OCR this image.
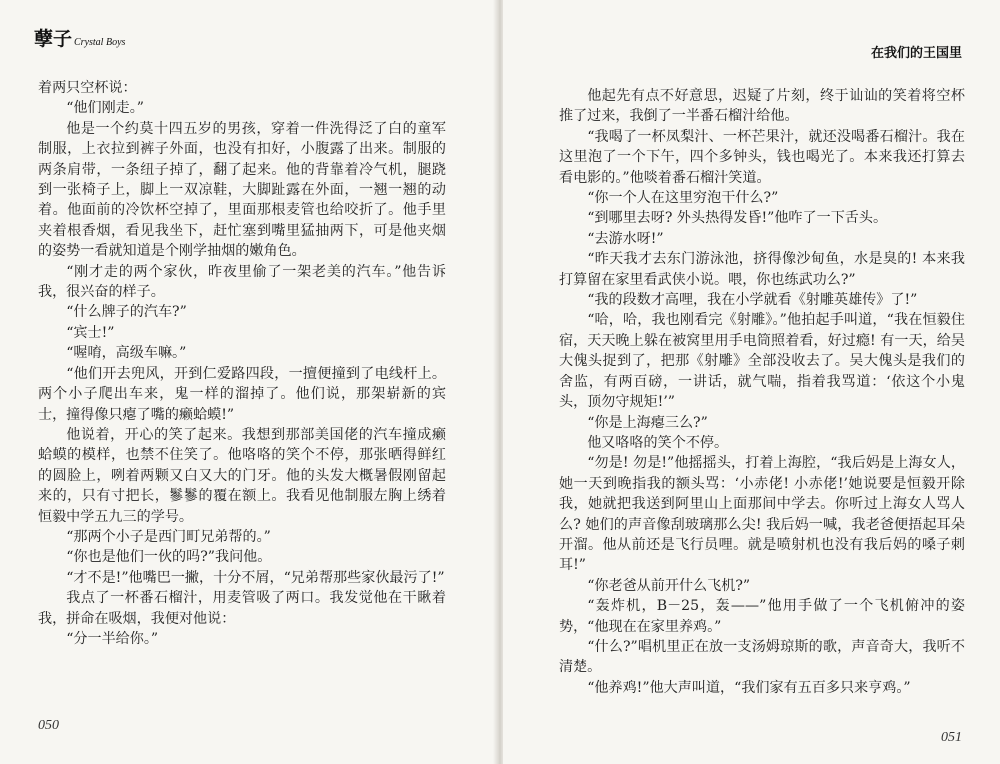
孽子 Crystal Boys

着两只空杯说：

“他们刚走。”

他是一个约莫十四五岁的男孩，穿着一件洗得泛了白的童军制服，上衣拉到裤子外面，也没有扣好，小腹露了出来。制服的两条肩带，一条纽子掉了，翻了起来。他的背靠着冷气机，腿跷到一张椅子上，脚上一双凉鞋，大脚趾露在外面，一翘一翘的动着。他面前的冷饮杯空掉了，里面那根麦管也给咬折了。他手里夹着根香烟，看见我坐下，赶忙塞到嘴里猛抽两下，可是他夹烟的姿势一看就知道是个刚学抽烟的嫩角色。

“刚才走的两个家伙，昨夜里偷了一架老美的汽车。”他告诉我，很兴奋的样子。

“什么牌子的汽车?”

“宾士!”

“喔唷，高级车嘛。”

“他们开去兜风，开到仁爱路四段，一擅便撞到了电线杆上。两个小子爬出车来，鬼一样的溜掉了。他们说，那架崭新的宾士，撞得像只瘪了嘴的癞蛤蟆!”

他说着，开心的笑了起来。我想到那部美国佬的汽车撞成癞蛤蟆的模样，也禁不住笑了。他咯咯的笑个不停，那张晒得鲜红的圆脸上，咧着两颗又白又大的门牙。他的头发大概暑假刚留起来的，只有寸把长，鬖鬖的覆在额上。我看见他制服左胸上绣着恒毅中学五九三的学号。

“那两个小子是西门町兄弟帮的。”

“你也是他们一伙的吗?”我问他。

“才不是!”他嘴巴一撇，十分不屑，“兄弟帮那些家伙最污了!”

我点了一杯番石榴汁，用麦管吸了两口。我发觉他在干瞅着我，拼命在吸烟，我便对他说：

“分一半给你。”

050
在我们的王国里

他起先有点不好意思，迟疑了片刻，终于讪讪的笑着将空杯推了过来，我倒了一半番石榴汁给他。

“我喝了一杯凤梨汁、一杯芒果汁，就还没喝番石榴汁。我在这里泡了一个下午，四个多钟头，钱也喝光了。本来我还打算去看电影的。”他啖着番石榴汁笑道。

“你一个人在这里穷泡干什么?”

“到哪里去呀? 外头热得发昏!”他咋了一下舌头。

“去游水呀!”

“昨天我才去东门游泳池，挤得像沙甸鱼，水是臭的! 本来我打算留在家里看武侠小说。喂，你也练武功么?”

“我的段数才高哩，我在小学就看《射雕英雄传》了!”

“哈，哈，我也刚看完《射雕》。”他拍起手叫道，“我在恒毅住宿，天天晚上躲在被窝里用手电筒照着看，好过瘾! 有一天，给吴大傀头捉到了，把那《射雕》全部没收去了。吴大傀头是我们的舍监，有两百磅，一讲话，就气喘，指着我骂道：‘依这个小鬼头，顶勿守规矩!’”

“你是上海瘪三么?”

他又咯咯的笑个不停。

“勿是! 勿是!”他摇摇头，打着上海腔，“我后妈是上海女人，她一天到晚指我的额头骂：‘小赤佬! 小赤佬!’她说要是恒毅开除我，她就把我送到阿里山上面那间中学去。你听过上海女人骂人么? 她们的声音像刮玻璃那么尖! 我后妈一喊，我老爸便捂起耳朵开溜。他从前还是飞行员哩。就是喷射机也没有我后妈的嗓子刺耳!”

“你老爸从前开什么飞机?”

“轰炸机，B－25，轰——”他用手做了一个飞机俯冲的姿势，“他现在在家里养鸡。”

“什么?”唱机里正在放一支汤姆琼斯的歌，声音奇大，我听不清楚。

“他养鸡!”他大声叫道，“我们家有五百多只来亨鸡。”

051
